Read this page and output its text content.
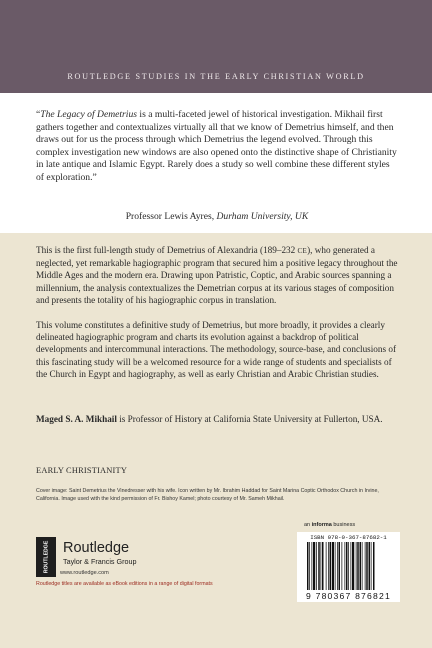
ROUTLEDGE STUDIES IN THE EARLY CHRISTIAN WORLD
“The Legacy of Demetrius is a multi-faceted jewel of historical investigation. Mikhail first gathers together and contextualizes virtually all that we know of Demetrius himself, and then draws out for us the process through which Demetrius the legend evolved. Through this complex investigation new windows are also opened onto the distinctive shape of Christianity in late antique and Islamic Egypt. Rarely does a study so well combine these different styles of exploration.”
Professor Lewis Ayres, Durham University, UK
This is the first full-length study of Demetrius of Alexandria (189–232 CE), who generated a neglected, yet remarkable hagiographic program that secured him a positive legacy throughout the Middle Ages and the modern era. Drawing upon Patristic, Coptic, and Arabic sources spanning a millennium, the analysis contextualizes the Demetrian corpus at its various stages of composition and presents the totality of his hagiographic corpus in translation.
This volume constitutes a definitive study of Demetrius, but more broadly, it provides a clearly delineated hagiographic program and charts its evolution against a backdrop of political developments and intercommunal interactions. The methodology, source-base, and conclusions of this fascinating study will be a welcomed resource for a wide range of students and specialists of the Church in Egypt and hagiography, as well as early Christian and Arabic Christian studies.
Maged S. A. Mikhail is Professor of History at California State University at Fullerton, USA.
EARLY CHRISTIANITY
Cover image: Saint Demetrius the Vinedresser with his wife. Icon written by Mr. Ibrahim Haddad for Saint Marina Coptic Orthodox Church in Irvine, California. Image used with the kind permission of Fr. Bishoy Kamel; photo courtesy of Mr. Sameh Mikhail.
ROUTLEDGE Routledge
Taylor & Francis Group
www.routledge.com
Routledge titles are available as eBook editions in a range of digital formats
an informa business
ISBN 978-0-367-87682-1
9 780367 876821
